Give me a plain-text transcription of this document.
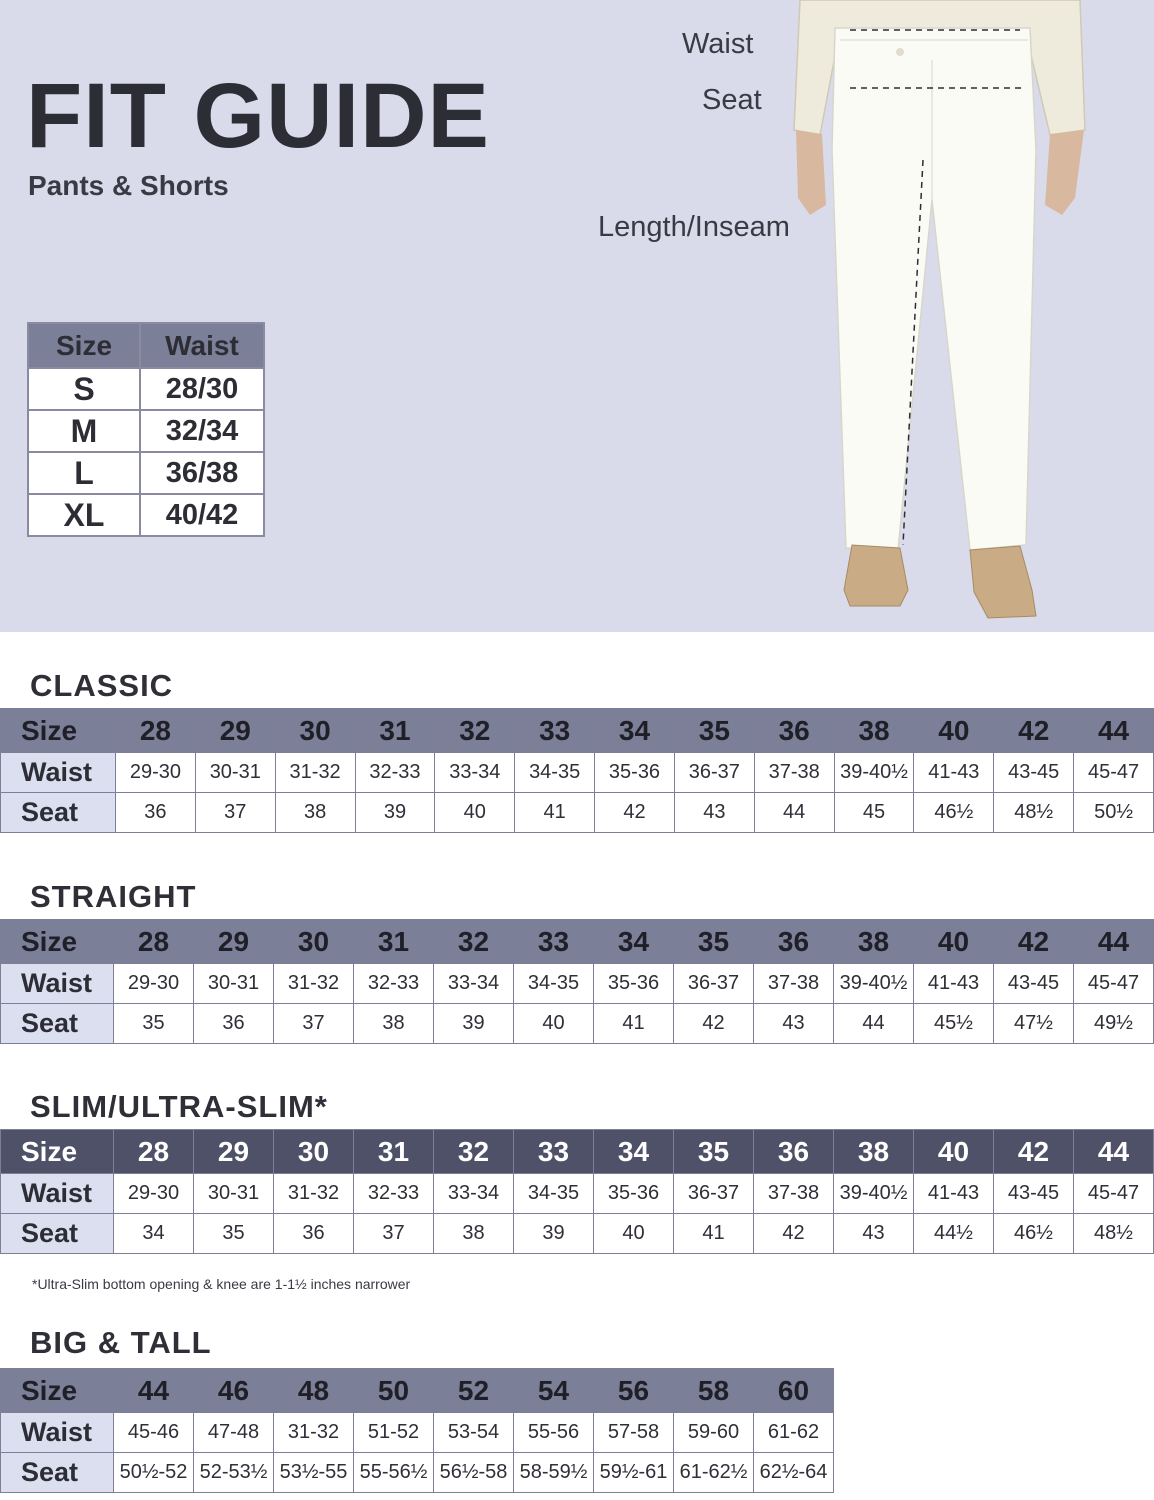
FIT GUIDE
Pants & Shorts
Waist
Seat
Length/Inseam
Size	Waist
S	28/30
M	32/34
L	36/38
XL	40/42
CLASSIC
Size	28	29	30	31	32	33	34	35	36	38	40	42	44
Waist	29-30	30-31	31-32	32-33	33-34	34-35	35-36	36-37	37-38	39-40½	41-43	43-45	45-47
Seat	36	37	38	39	40	41	42	43	44	45	46½	48½	50½
STRAIGHT
Size	28	29	30	31	32	33	34	35	36	38	40	42	44
Waist	29-30	30-31	31-32	32-33	33-34	34-35	35-36	36-37	37-38	39-40½	41-43	43-45	45-47
Seat	35	36	37	38	39	40	41	42	43	44	45½	47½	49½
SLIM/ULTRA-SLIM*
Size	28	29	30	31	32	33	34	35	36	38	40	42	44
Waist	29-30	30-31	31-32	32-33	33-34	34-35	35-36	36-37	37-38	39-40½	41-43	43-45	45-47
Seat	34	35	36	37	38	39	40	41	42	43	44½	46½	48½
*Ultra-Slim bottom opening & knee are 1-1½ inches narrower
BIG & TALL
Size	44	46	48	50	52	54	56	58	60
Waist	45-46	47-48	31-32	51-52	53-54	55-56	57-58	59-60	61-62
Seat	50½-52	52-53½	53½-55	55-56½	56½-58	58-59½	59½-61	61-62½	62½-64
